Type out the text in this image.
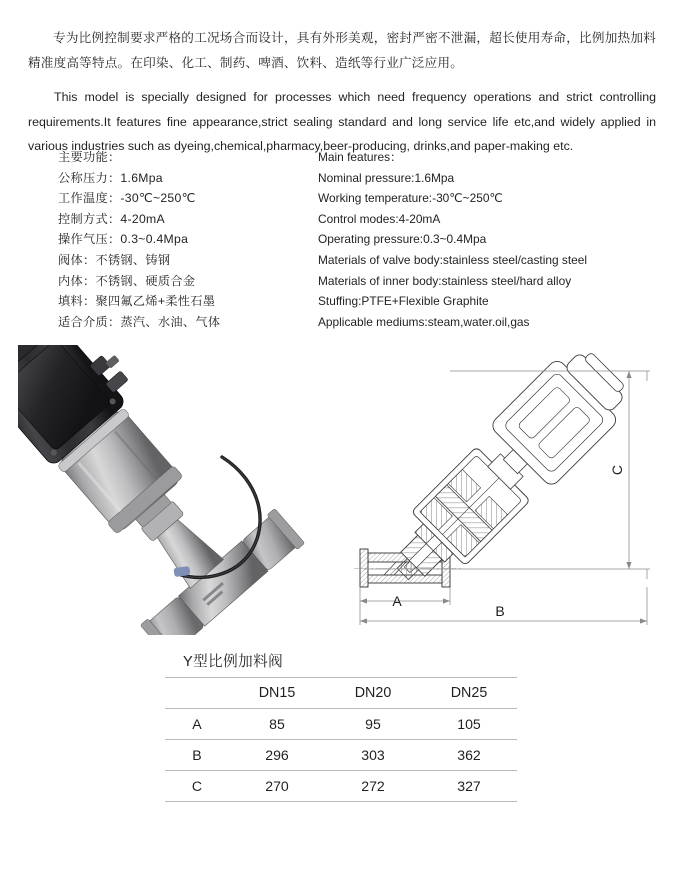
专为比例控制要求严格的工况场合而设计，具有外形美观，密封严密不泄漏，超长使用寿命，比例加热加料精准度高等特点。在印染、化工、制药、啤酒、饮料、造纸等行业广泛应用。

This model is specially designed for processes which need frequency operations and strict controlling requirements.It features fine appearance,strict sealing standard and long service life etc,and widely applied in various industries such as dyeing,chemical,pharmacy,beer-producing, drinks,and paper-making etc.

主要功能：
公称压力：1.6Mpa
工作温度：-30℃~250℃
控制方式：4-20mA
操作气压：0.3~0.4Mpa
阀体：不锈钢、铸钢
内体：不锈钢、硬质合金
填料：聚四氟乙烯+柔性石墨
适合介质：蒸汽、水油、气体
Main features：
Nominal pressure:1.6Mpa
Working temperature:-30℃~250℃
Control modes:4-20mA
Operating pressure:0.3~0.4Mpa
Materials of valve body:stainless steel/casting steel
Materials of inner body:stainless steel/hard alloy
Stuffing:PTFE+Flexible Graphite
Applicable mediums:steam,water.oil,gas
A
B
C
Y型比例加料阀
	DN15	DN20	DN25
A	85	95	105
B	296	303	362
C	270	272	327
